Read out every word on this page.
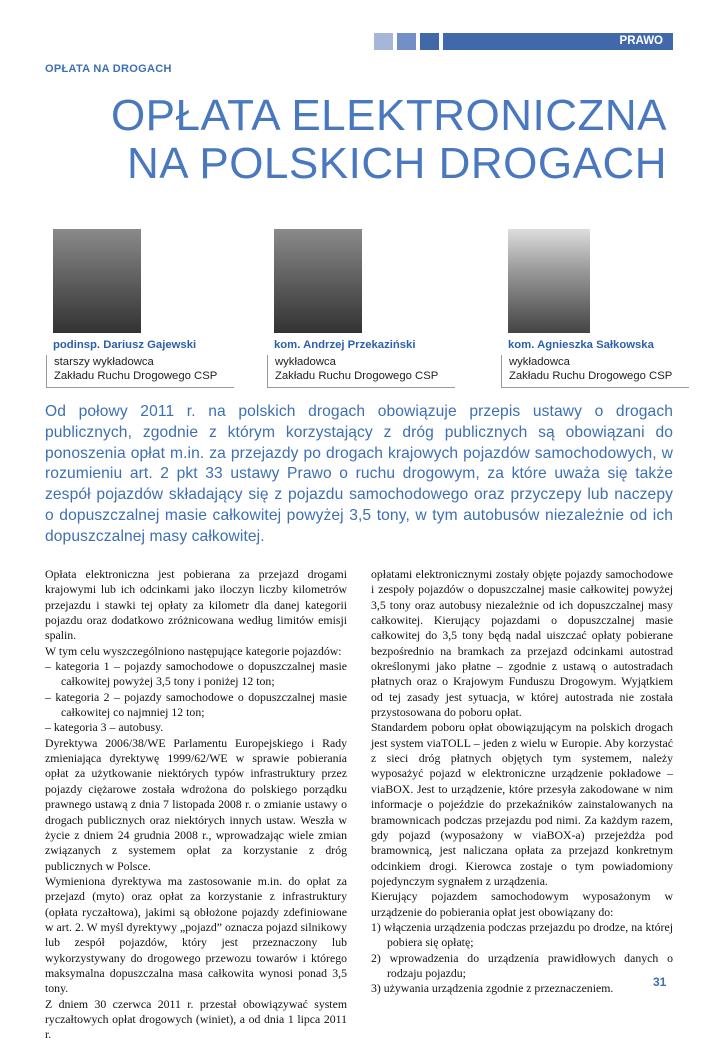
PRAWO
OPŁATA NA DROGACH
OPŁATA ELEKTRONICZNA
NA POLSKICH DROGACH
podinsp. Dariusz Gajewski
starszy wykładowca
Zakładu Ruchu Drogowego CSP
kom. Andrzej Przekaziński
wykładowca
Zakładu Ruchu Drogowego CSP
kom. Agnieszka Sałkowska
wykładowca
Zakładu Ruchu Drogowego CSP
Od połowy 2011 r. na polskich drogach obowiązuje przepis ustawy o drogach publicznych, zgodnie z którym korzystający z dróg publicznych są obowiązani do ponoszenia opłat m.in. za przejazdy po drogach krajowych pojazdów samochodowych, w rozumieniu art. 2 pkt 33 ustawy Prawo o ruchu drogowym, za które uważa się także zespół pojazdów składający się z pojazdu samochodowego oraz przyczepy lub naczepy o dopuszczalnej masie całkowitej powyżej 3,5 tony, w tym autobusów niezależnie od ich dopuszczalnej masy całkowitej.

Opłata elektroniczna jest pobierana za przejazd drogami krajowymi lub ich odcinkami jako iloczyn liczby kilometrów przejazdu i stawki tej opłaty za kilometr dla danej kategorii pojazdu oraz dodatkowo zróżnicowana według limitów emisji spalin.

W tym celu wyszczególniono następujące kategorie pojazdów:

– kategoria 1 – pojazdy samochodowe o dopuszczalnej masie całkowitej powyżej 3,5 tony i poniżej 12 ton;

– kategoria 2 – pojazdy samochodowe o dopuszczalnej masie całkowitej co najmniej 12 ton;

– kategoria 3 – autobusy.

Dyrektywa 2006/38/WE Parlamentu Europejskiego i Rady zmieniająca dyrektywę 1999/62/WE w sprawie pobierania opłat za użytkowanie niektórych typów infrastruktury przez pojazdy ciężarowe została wdrożona do polskiego porządku prawnego ustawą z dnia 7 listopada 2008 r. o zmianie ustawy o drogach publicznych oraz niektórych innych ustaw. Weszła w życie z dniem 24 grudnia 2008 r., wprowadzając wiele zmian związanych z systemem opłat za korzystanie z dróg publicznych w Polsce.

Wymieniona dyrektywa ma zastosowanie m.in. do opłat za przejazd (myto) oraz opłat za korzystanie z infrastruktury (opłata ryczałtowa), jakimi są obłożone pojazdy zdefiniowane w art. 2. W myśl dyrektywy „pojazd” oznacza pojazd silnikowy lub zespół pojazdów, który jest przeznaczony lub wykorzystywany do drogowego przewozu towarów i którego maksymalna dopuszczalna masa całkowita wynosi ponad 3,5 tony.

Z dniem 30 czerwca 2011 r. przestał obowiązywać system ryczałtowych opłat drogowych (winiet), a od dnia 1 lipca 2011 r.

opłatami elektronicznymi zostały objęte pojazdy samochodowe i zespoły pojazdów o dopuszczalnej masie całkowitej powyżej 3,5 tony oraz autobusy niezależnie od ich dopuszczalnej masy całkowitej. Kierujący pojazdami o dopuszczalnej masie całkowitej do 3,5 tony będą nadal uiszczać opłaty pobierane bezpośrednio na bramkach za przejazd odcinkami autostrad określonymi jako płatne – zgodnie z ustawą o autostradach płatnych oraz o Krajowym Funduszu Drogowym. Wyjątkiem od tej zasady jest sytuacja, w której autostrada nie została przystosowana do poboru opłat.

Standardem poboru opłat obowiązującym na polskich drogach jest system viaTOLL – jeden z wielu w Europie. Aby korzystać z sieci dróg płatnych objętych tym systemem, należy wyposażyć pojazd w elektroniczne urządzenie pokładowe – viaBOX. Jest to urządzenie, które przesyła zakodowane w nim informacje o pojeździe do przekaźników zainstalowanych na bramownicach podczas przejazdu pod nimi. Za każdym razem, gdy pojazd (wyposażony w viaBOX-a) przejeżdża pod bramownicą, jest naliczana opłata za przejazd konkretnym odcinkiem drogi. Kierowca zostaje o tym powiadomiony pojedynczym sygnałem z urządzenia.

Kierujący pojazdem samochodowym wyposażonym w urządzenie do pobierania opłat jest obowiązany do:

1) włączenia urządzenia podczas przejazdu po drodze, na której pobiera się opłatę;

2) wprowadzenia do urządzenia prawidłowych danych o rodzaju pojazdu;

3) używania urządzenia zgodnie z przeznaczeniem.	31
